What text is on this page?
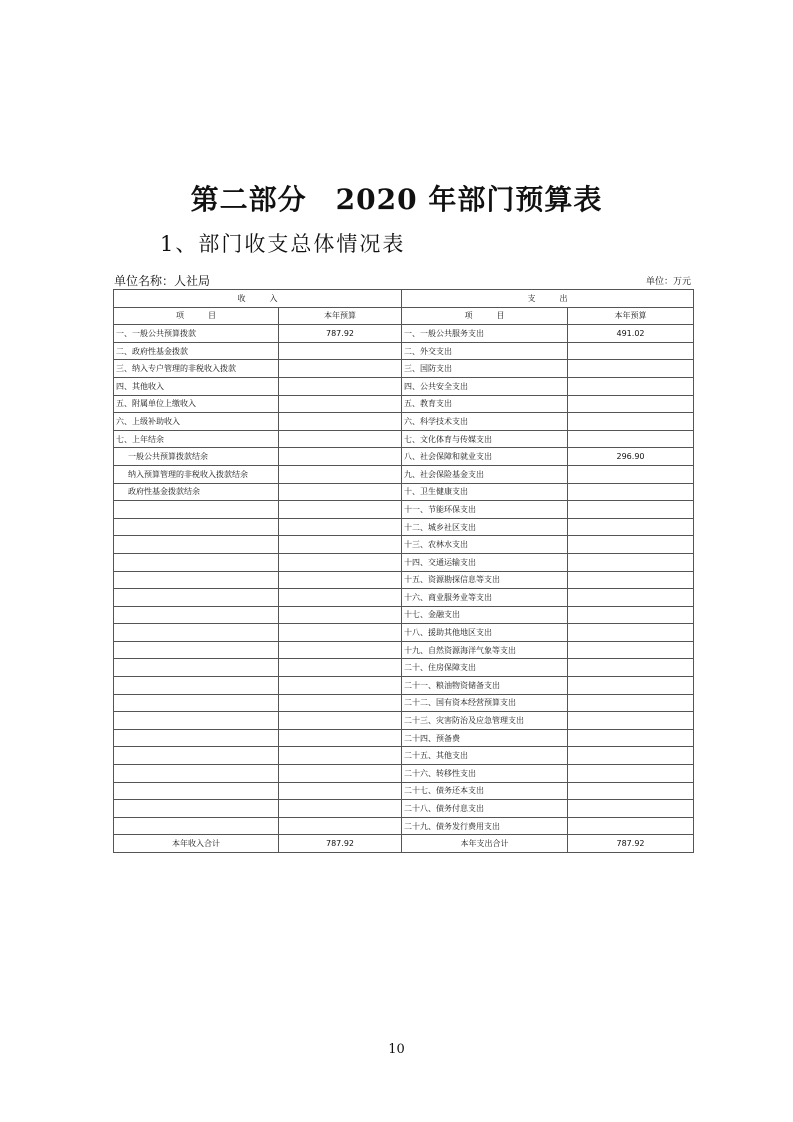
第二部分　2020 年部门预算表
1、部门收支总体情况表
单位名称：人社局	单位：万元
收　　　入		支　　　出	
项　　　目	本年预算	项　　　目	本年预算
一、一般公共预算拨款	787.92	一、一般公共服务支出	491.02
二、政府性基金拨款		二、外交支出	
三、纳入专户管理的非税收入拨款		三、国防支出	
四、其他收入		四、公共安全支出	
五、附属单位上缴收入		五、教育支出	
六、上级补助收入		六、科学技术支出	
七、上年结余		七、文化体育与传媒支出	
一般公共预算拨款结余		八、社会保障和就业支出	296.90
纳入预算管理的非税收入拨款结余		九、社会保险基金支出	
政府性基金拨款结余		十、卫生健康支出	
		十一、节能环保支出	
		十二、城乡社区支出	
		十三、农林水支出	
		十四、交通运输支出	
		十五、资源勘探信息等支出	
		十六、商业服务业等支出	
		十七、金融支出	
		十八、援助其他地区支出	
		十九、自然资源海洋气象等支出	
		二十、住房保障支出	
		二十一、粮油物资储备支出	
		二十二、国有资本经营预算支出	
		二十三、灾害防治及应急管理支出	
		二十四、预备费	
		二十五、其他支出	
		二十六、转移性支出	
		二十七、债务还本支出	
		二十八、债务付息支出	
		二十九、债务发行费用支出	
本年收入合计	787.92	本年支出合计	787.92
10
